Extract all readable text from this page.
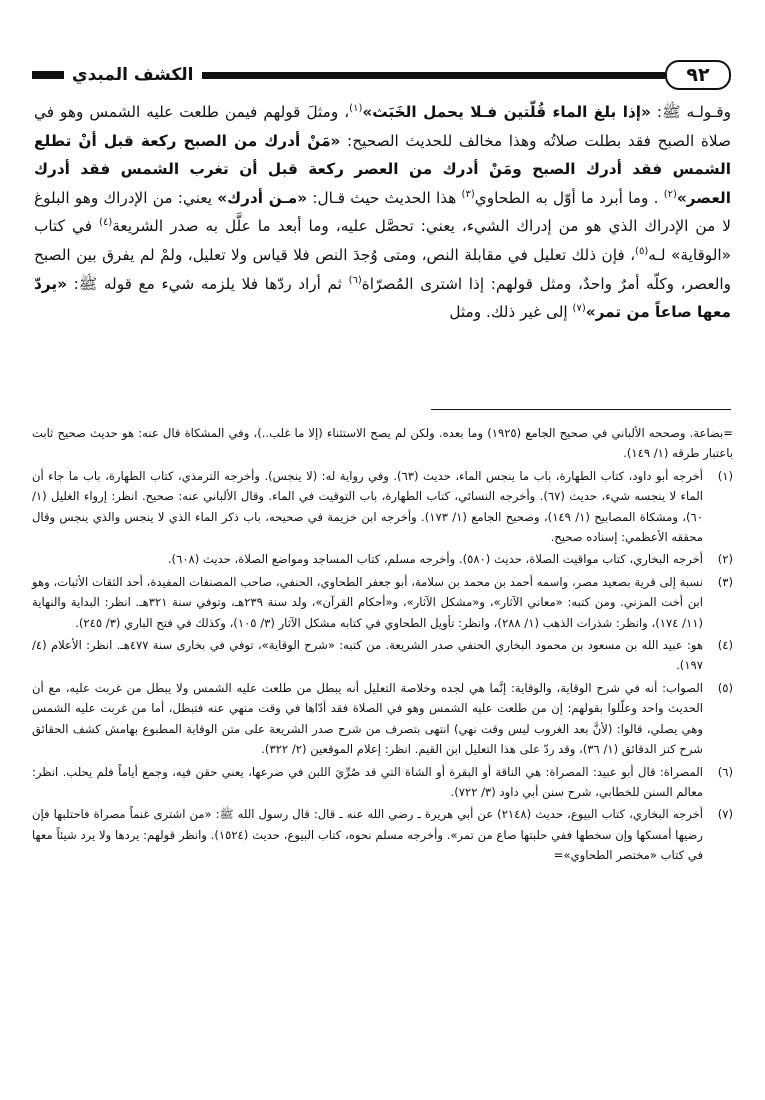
٩٢
الكشف المبدي

وقـولـه ﷺ: «إذا بلغ الماء قُلّتين فـلا يحمل الخَبَث»$^{(١)}$، ومثلَ قولهم فيمن طلعت عليه الشمس وهو في صلاة الصبح فقد بطلت صلاتُه وهذا مخالف للحديث الصحيح: «مَنْ أدرك من الصبح ركعة قبل أنْ تطلع الشمس فقد أدرك الصبح ومَنْ أدرك من العصر ركعة قبل أن تغرب الشمس فقد أدرك العصر»$^{(٢)}$ . وما أبرد ما أوّل به الطحاوي$^{(٣)}$ هذا الحديث حيث قـال: «مـن أدرك» يعني: من الإدراك وهو البلوغ لا من الإدراك الذي هو من إدراك الشيء، يعني: تحصَّل عليه، وما أبعد ما علَّل به صدر الشريعة$^{(٤)}$ في كتاب «الوقاية» لـه$^{(٥)}$، فإن ذلك تعليل في مقابلة النص، ومتى وُجدَ النص فلا قياس ولا تعليل، ولمْ لم يفرق بين الصبح والعصر، وكلّه أمرٌ واحدٌ، ومثل قولهم: إذا اشترى المُصرّاة$^{(٦)}$ ثم أراد ردّها فلا يلزمه شيء مع قوله ﷺ: «يردّ معها صاعاً من تمر»$^{(٧)}$ إلى غير ذلك. ومثل

=بضاعة. وصححه الألباني في صحيح الجامع (١٩٢٥) وما بعده. ولكن لم يصح الاستثناء (إلا ما غلب..)، وفي المشكاة قال عنه: هو حديث صحيح ثابت باعتبار طرقه (١/ ١٤٩).
(١)
أخرجه أبو داود، كتاب الطهارة، باب ما ينجس الماء، حديث (٦٣). وفي رواية له: (لا ينجس). وأخرجه الترمذي، كتاب الطهارة، باب ما جاء أن الماء لا ينجسه شيء، حديث (٦٧). وأخرجه النسائي، كتاب الطهارة، باب التوقيت في الماء. وقال الألباني عنه: صحيح. انظر: إرواء الغليل (١/ ٦٠)، ومشكاة المصابيح (١/ ١٤٩)، وصحيح الجامع (١/ ١٧٣). وأخرجه ابن خزيمة في صحيحه، باب ذكر الماء الذي لا ينجس والذي ينجس وقال محققه الأعظمي: إسناده صحيح.
(٢)
أخرجه البخاري، كتاب مواقيت الصلاة، حديث (٥٨٠). وأخرجه مسلم، كتاب المساجد ومواضع الصلاة، حديث (٦٠٨).
(٣)
نسبة إلى قرية بصعيد مصر، واسمه أحمد بن محمد بن سلامة، أبو جعفر الطحاوي، الحنفي، صاحب المصنفات المفيدة، أحد الثقات الأثبات، وهو ابن أخت المزني. ومن كتبه: «معاني الآثار»، و«مشكل الآثار»، و«أحكام القرآن»، ولد سنة ٢٣٩هـ، وتوفي سنة ٣٢١هـ. انظر: البداية والنهاية (١١/ ١٧٤)، وانظر: شذرات الذهب (١/ ٢٨٨)، وانظر: تأويل الطحاوي في كتابه مشكل الآثار (٣/ ١٠٥)، وكذلك في فتح الباري (٣/ ٢٤٥).
(٤)
هو: عبيد الله بن مسعود بن محمود البخاري الحنفي صدر الشريعة. من كتبه: «شرح الوقاية»، توفي في بخارى سنة ٤٧٧هـ. انظر: الأعلام (٤/ ١٩٧).
(٥)
الصواب: أنه في شرح الوقاية، والوقاية: إنَّما هي لجده وخلاصة التعليل أنه يبطل من طلعت عليه الشمس ولا يبطل من غربت عليه، مع أن الحديث واحد وعلّلوا بقولهم: إن من طلعت عليه الشمس وهو في الصلاة فقد أدّاها في وقت منهي عنه فتبطل، أما من غربت عليه الشمس وهي يصلي، قالوا: (لأنَّ بعد الغروب ليس وقت نهي) انتهى بتصرف من شرح صدر الشريعة على متن الوقاية المطبوع بهامش كشف الحقائق شرح كنز الدقائق (١/ ٣٦)، وقد ردّ على هذا التعليل ابن القيم. انظر: إعلام الموقعين (٢/ ٣٢٢).
(٦)
المصراة: قال أبو عبيد: المصراة: هي الناقة أو البقرة أو الشاة التي قد صُرِّيَ اللبن في ضرعها، يعني حقن فيه، وجمع أياماً فلم يحلب. انظر: معالم السنن للخطابي، شرح سنن أبي داود (٣/ ٧٢٢).
(٧)
أخرجه البخاري، كتاب البيوع، حديث (٢١٤٨) عن أبي هريرة ـ رضي الله عنه ـ قال: قال رسول الله ﷺ: «من اشترى غنماً مصراة فاحتلبها فإن رضيها أمسكها وإن سخطها ففي حلبتها صاع من تمر». وأخرجه مسلم نحوه، كتاب البيوع، حديث (١٥٢٤). وانظر قولهم: يردها ولا يرد شيئاً معها في كتاب «مختصر الطحاوي»=
